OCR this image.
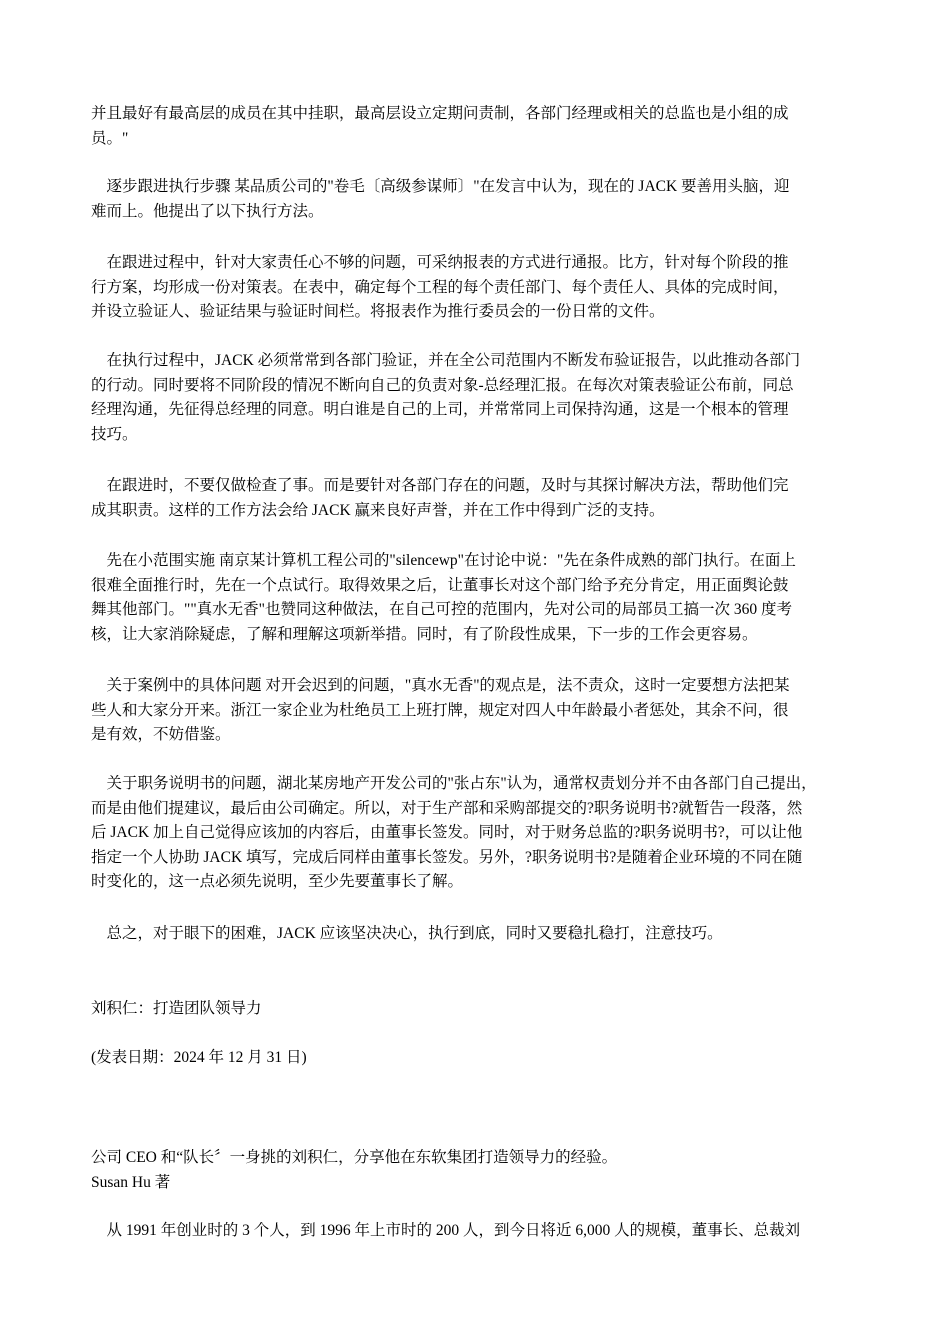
并且最好有最高层的成员在其中挂职，最高层设立定期问责制，各部门经理或相关的总监也是小组的成
员。"
　逐步跟进执行步骤 某品质公司的"卷毛〔高级参谋师〕"在发言中认为，现在的 JACK 要善用头脑，迎
难而上。他提出了以下执行方法。
　在跟进过程中，针对大家责任心不够的问题，可采纳报表的方式进行通报。比方，针对每个阶段的推
行方案，均形成一份对策表。在表中，确定每个工程的每个责任部门、每个责任人、具体的完成时间，
并设立验证人、验证结果与验证时间栏。将报表作为推行委员会的一份日常的文件。
　在执行过程中，JACK 必须常常到各部门验证，并在全公司范围内不断发布验证报告，以此推动各部门
的行动。同时要将不同阶段的情况不断向自己的负责对象-总经理汇报。在每次对策表验证公布前，同总
经理沟通，先征得总经理的同意。明白谁是自己的上司，并常常同上司保持沟通，这是一个根本的管理
技巧。
　在跟进时，不要仅做检查了事。而是要针对各部门存在的问题，及时与其探讨解决方法，帮助他们完
成其职责。这样的工作方法会给 JACK 赢来良好声誉，并在工作中得到广泛的支持。
　先在小范围实施 南京某计算机工程公司的"silencewp"在讨论中说："先在条件成熟的部门执行。在面上
很难全面推行时，先在一个点试行。取得效果之后，让董事长对这个部门给予充分肯定，用正面舆论鼓
舞其他部门。""真水无香"也赞同这种做法，在自己可控的范围内，先对公司的局部员工搞一次 360 度考
核，让大家消除疑虑，了解和理解这项新举措。同时，有了阶段性成果，下一步的工作会更容易。
　关于案例中的具体问题 对开会迟到的问题，"真水无香"的观点是，法不责众，这时一定要想方法把某
些人和大家分开来。浙江一家企业为杜绝员工上班打牌，规定对四人中年龄最小者惩处，其余不问，很
是有效，不妨借鉴。
　关于职务说明书的问题，湖北某房地产开发公司的"张占东"认为，通常权责划分并不由各部门自己提出，
而是由他们提建议，最后由公司确定。所以，对于生产部和采购部提交的?职务说明书?就暂告一段落，然
后 JACK 加上自己觉得应该加的内容后，由董事长签发。同时，对于财务总监的?职务说明书?，可以让他
指定一个人协助 JACK 填写，完成后同样由董事长签发。另外，?职务说明书?是随着企业环境的不同在随
时变化的，这一点必须先说明，至少先要董事长了解。
　总之，对于眼下的困难，JACK 应该坚决决心，执行到底，同时又要稳扎稳打，注意技巧。
刘积仁：打造团队领导力
(发表日期：2024 年 12 月 31 日)
公司 CEO 和“队长〞一身挑的刘积仁，分享他在东软集团打造领导力的经验。
Susan Hu 著
　从 1991 年创业时的 3 个人，到 1996 年上市时的 200 人，到今日将近 6,000 人的规模，董事长、总裁刘
